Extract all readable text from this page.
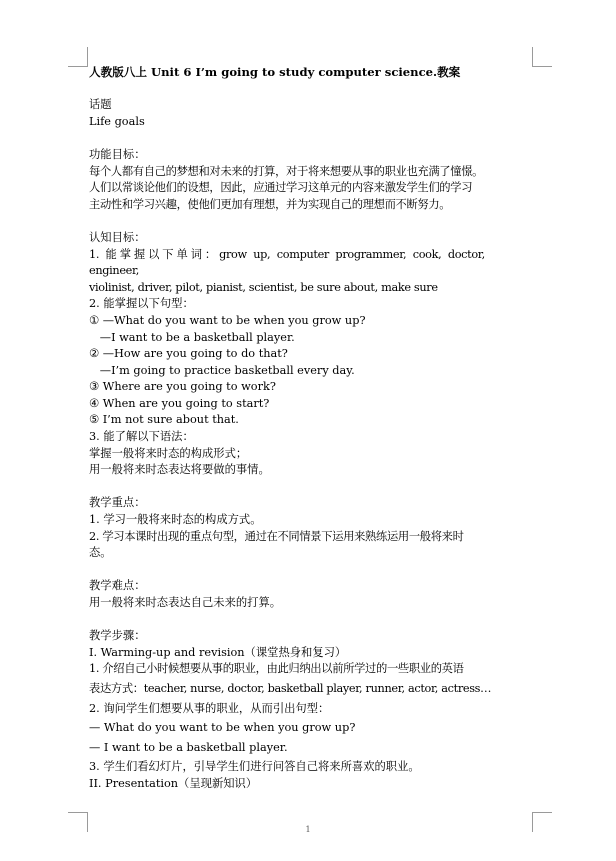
人教版八上 Unit 6 I’m going to study computer science.教案
话题
Life goals
功能目标：
每个人都有自己的梦想和对未来的打算，对于将来想要从事的职业也充满了憧憬。
人们以常谈论他们的设想，因此，应通过学习这单元的内容来激发学生们的学习
主动性和学习兴趣，使他们更加有理想，并为实现自己的理想而不断努力。
认知目标：
1.  能 掌 握 以 下 单 词 ： grow  up,  computer  programmer,  cook,  doctor,  engineer,
violinist, driver, pilot, pianist, scientist, be sure about, make sure
2. 能掌握以下句型：
① —What do you want to be when you grow up?
—I want to be a basketball player.
② —How are you going to do that?
—I’m going to practice basketball every day.
③ Where are you going to work?
④ When are you going to start?
⑤ I’m not sure about that.
3. 能了解以下语法：
掌握一般将来时态的构成形式；
用一般将来时态表达将要做的事情。
教学重点：
1. 学习一般将来时态的构成方式。
2. 学习本课时出现的重点句型，通过在不同情景下运用来熟练运用一般将来时
态。
教学难点：
用一般将来时态表达自己未来的打算。
教学步骤：
I. Warming-up and revision（课堂热身和复习）
1. 介绍自己小时候想要从事的职业，由此归纳出以前所学过的一些职业的英语
表达方式：teacher, nurse, doctor, basketball player, runner, actor, actress…
2. 询问学生们想要从事的职业，从而引出句型：
— What do you want to be when you grow up?
— I want to be a basketball player.
3. 学生们看幻灯片，引导学生们进行问答自己将来所喜欢的职业。
II. Presentation（呈现新知识）
1
